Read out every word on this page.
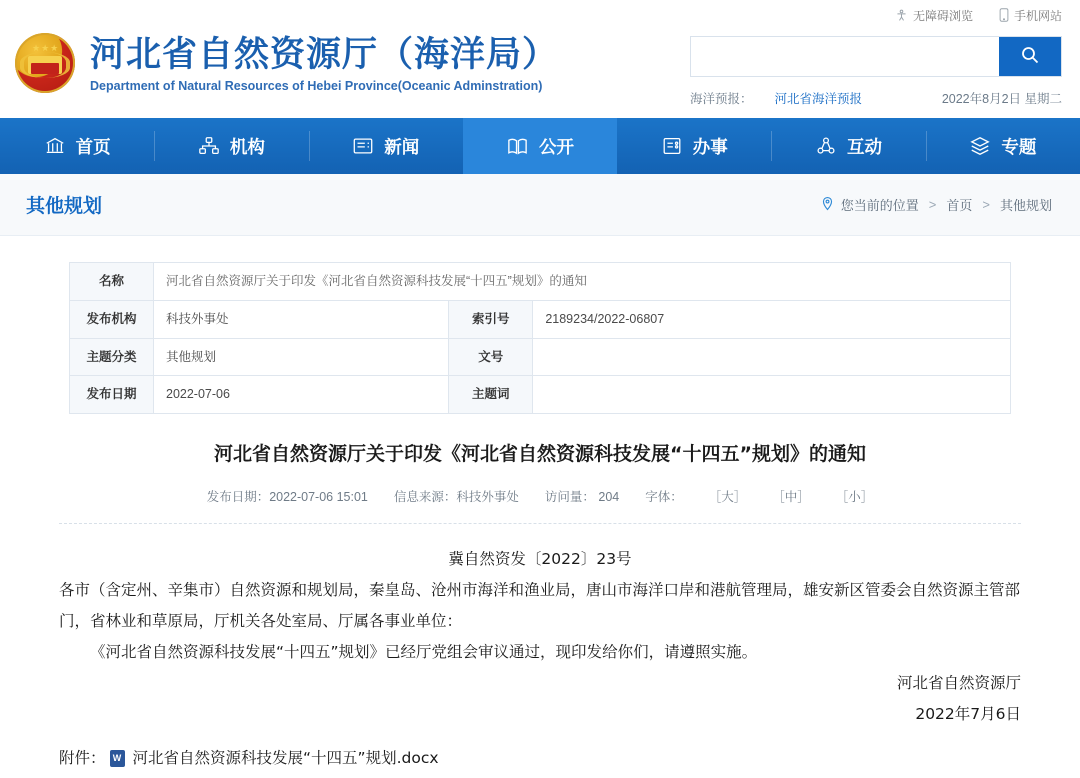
无障碍浏览	手机网站
★★★ 河北省自然资源厅（海洋局）
Department of Natural Resources of Hebei Province(Oceanic Adminstration)
海洋预报： 河北省海洋预报	2022年8月2日 星期二
首页	机构	新闻	公开	办事	互动	专题
其他规划	您当前的位置 > 首页 > 其他规划
名称	河北省自然资源厅关于印发《河北省自然资源科技发展“十四五”规划》的通知		
发布机构	科技外事处	索引号	2189234/2022-06807
主题分类	其他规划	文号	
发布日期	2022-07-06	主题词	
河北省自然资源厅关于印发《河北省自然资源科技发展“十四五”规划》的通知
发布日期：2022-07-06 15:01 信息来源：科技外事处 访问量： 204 字体： ［大］ ［中］ ［小］

冀自然资发〔2022〕23号

各市（含定州、辛集市）自然资源和规划局，秦皇岛、沧州市海洋和渔业局，唐山市海洋口岸和港航管理局，雄安新区管委会自然资源主管部门，省林业和草原局，厅机关各处室局、厅属各事业单位：

《河北省自然资源科技发展“十四五”规划》已经厅党组会审议通过，现印发给你们，请遵照实施。

河北省自然资源厅

2022年7月6日

附件： W 河北省自然资源科技发展“十四五”规划.docx
